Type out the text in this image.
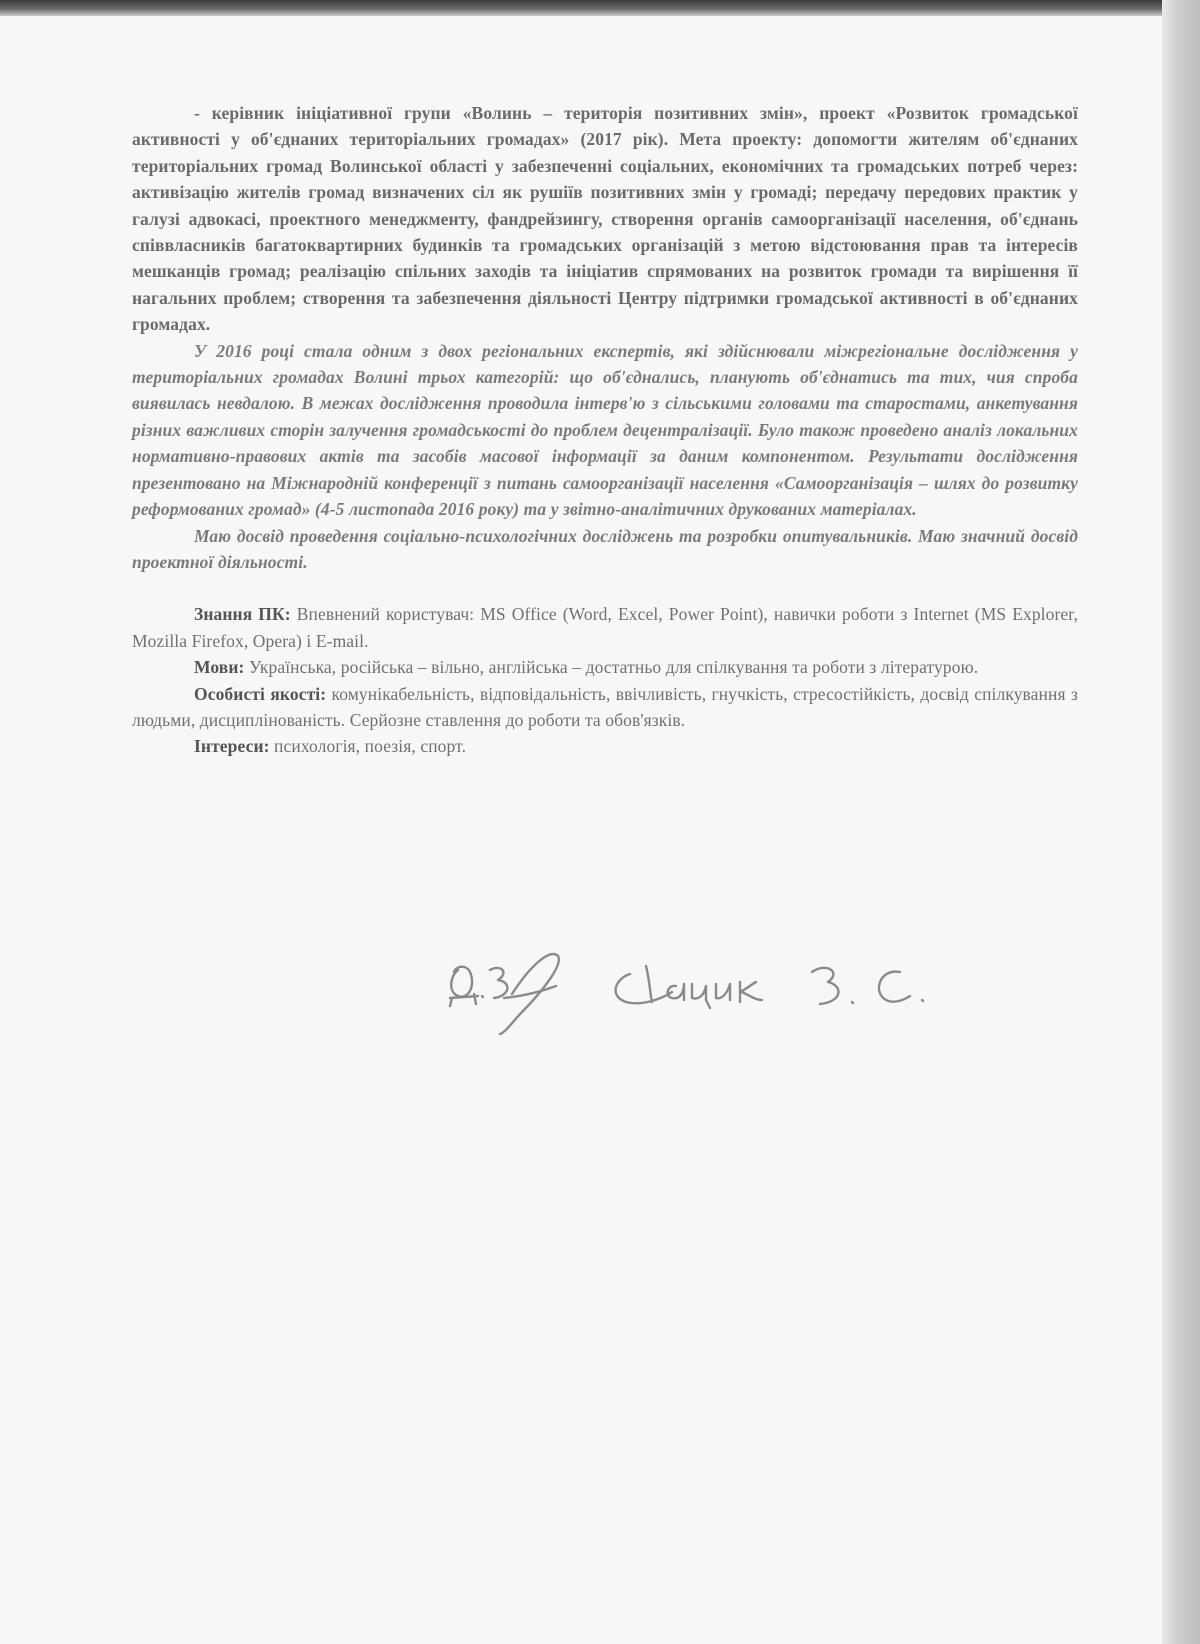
- керівник ініціативної групи «Волинь – територія позитивних змін», проект «Розвиток громадської активності у об'єднаних територіальних громадах» (2017 рік). Мета проекту: допомогти жителям об'єднаних територіальних громад Волинської області у забезпеченні соціальних, економічних та громадських потреб через: активізацію жителів громад визначених сіл як рушіїв позитивних змін у громаді; передачу передових практик у галузі адвокасі, проектного менеджменту, фандрейзингу, створення органів самоорганізації населення, об'єднань співвласників багатоквартирних будинків та громадських організацій з метою відстоювання прав та інтересів мешканців громад; реалізацію спільних заходів та ініціатив спрямованих на розвиток громади та вирішення її нагальних проблем; створення та забезпечення діяльності Центру підтримки громадської активності в об'єднаних громадах.

У 2016 році стала одним з двох регіональних експертів, які здійснювали міжрегіональне дослідження у територіальних громадах Волині трьох категорій: що об'єднались, планують об'єднатись та тих, чия спроба виявилась невдалою. В межах дослідження проводила інтерв'ю з сільськими головами та старостами, анкетування різних важливих сторін залучення громадськості до проблем децентралізації. Було також проведено аналіз локальних нормативно-правових актів та засобів масової інформації за даним компонентом. Результати дослідження презентовано на Міжнародній конференції з питань самоорганізації населення «Самоорганізація – шлях до розвитку реформованих громад» (4-5 листопада 2016 року) та у звітно-аналітичних друкованих матеріалах.

Маю досвід проведення соціально-психологічних досліджень та розробки опитувальників. Маю значний досвід проектної діяльності.

Знання ПК: Впевнений користувач: MS Office (Word, Excel, Power Point), навички роботи з Internet (MS Explorer, Mozilla Firefox, Opera) і E-mail.

Мови: Українська, російська – вільно, англійська – достатньо для спілкування та роботи з літературою.

Особисті якості: комунікабельність, відповідальність, ввічливість, гнучкість, стресостійкість, досвід спілкування з людьми, дисциплінованість. Серйозне ставлення до роботи та обов'язків.

Інтереси: психологія, поезія, спорт.
